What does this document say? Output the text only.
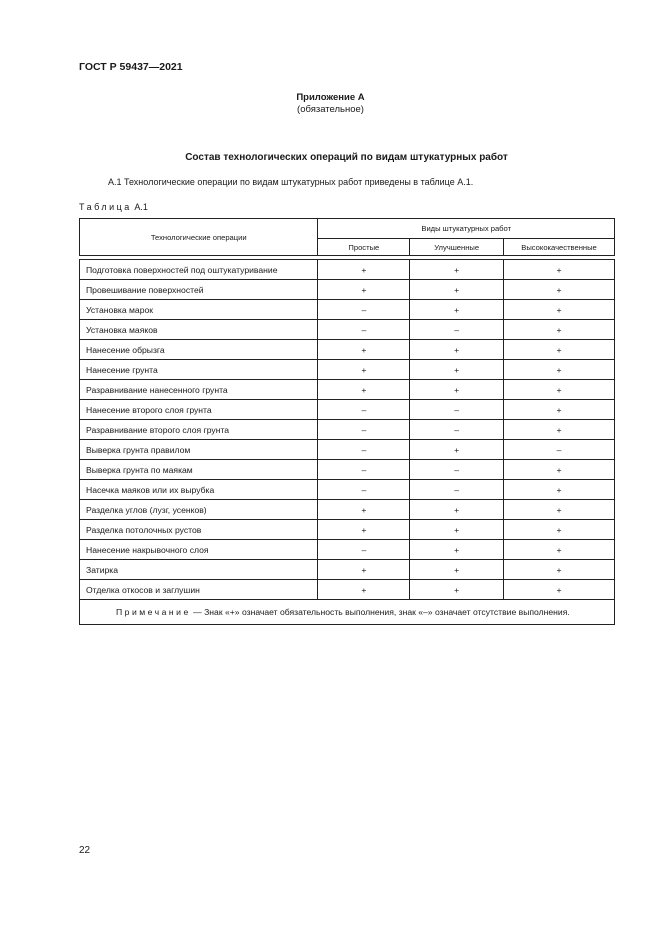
ГОСТ Р 59437—2021
Приложение А
(обязательное)
Состав технологических операций по видам штукатурных работ
А.1 Технологические операции по видам штукатурных работ приведены в таблице А.1.
Таблица А.1
Технологические операции	Виды штукатурных работ		
	Простые	Улучшенные	Высококачественные

Подготовка поверхностей под оштукатуривание	+	+	+
Провешивание поверхностей	+	+	+
Установка марок	–	+	+
Установка маяков	–	–	+
Нанесение обрызга	+	+	+
Нанесение грунта	+	+	+
Разравнивание нанесенного грунта	+	+	+
Нанесение второго слоя грунта	–	–	+
Разравнивание второго слоя грунта	–	–	+
Выверка грунта правилом	–	+	–
Выверка грунта по маякам	–	–	+
Насечка маяков или их вырубка	–	–	+
Разделка углов (лузг, усенков)	+	+	+
Разделка потолочных рустов	+	+	+
Нанесение накрывочного слоя	–	+	+
Затирка	+	+	+
Отделка откосов и заглушин	+	+	+
Примечание — Знак «+» означает обязательность выполнения, знак «–» означает отсутствие выполнения.			
22
